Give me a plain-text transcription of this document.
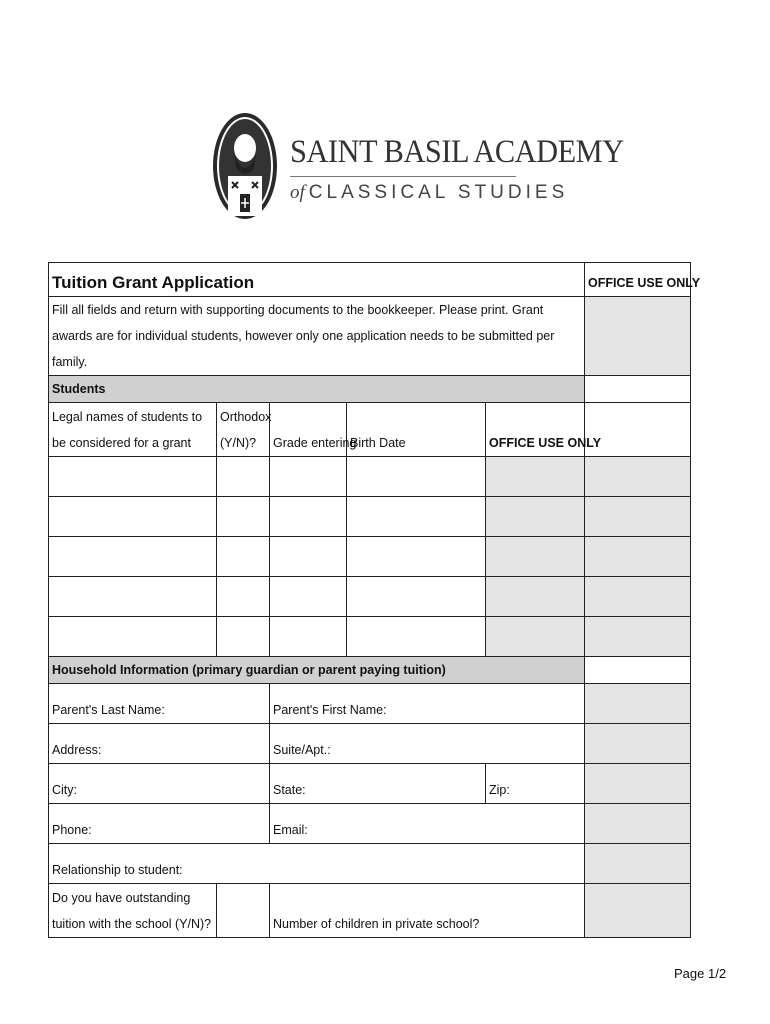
SAINT BASIL ACADEMY
of CLASSICAL STUDIES
Tuition Grant Application					OFFICE USE ONLY
Fill all fields and return with supporting documents to the bookkeeper. Please print. Grant awards are for individual students, however only one application needs to be submitted per family.					
Students					
Legal names of students to be considered for a grant	Orthodox (Y/N)?	Grade entering	Birth Date	OFFICE USE ONLY	

Household Information (primary guardian or parent paying tuition)					
Parent's Last Name:		Parent's First Name:			
Address:		Suite/Apt.:			
City:		State:		Zip:	
Phone:		Email:			
Relationship to student:					
Do you have outstanding tuition with the school (Y/N)?		Number of children in private school?			
Page 1/2
